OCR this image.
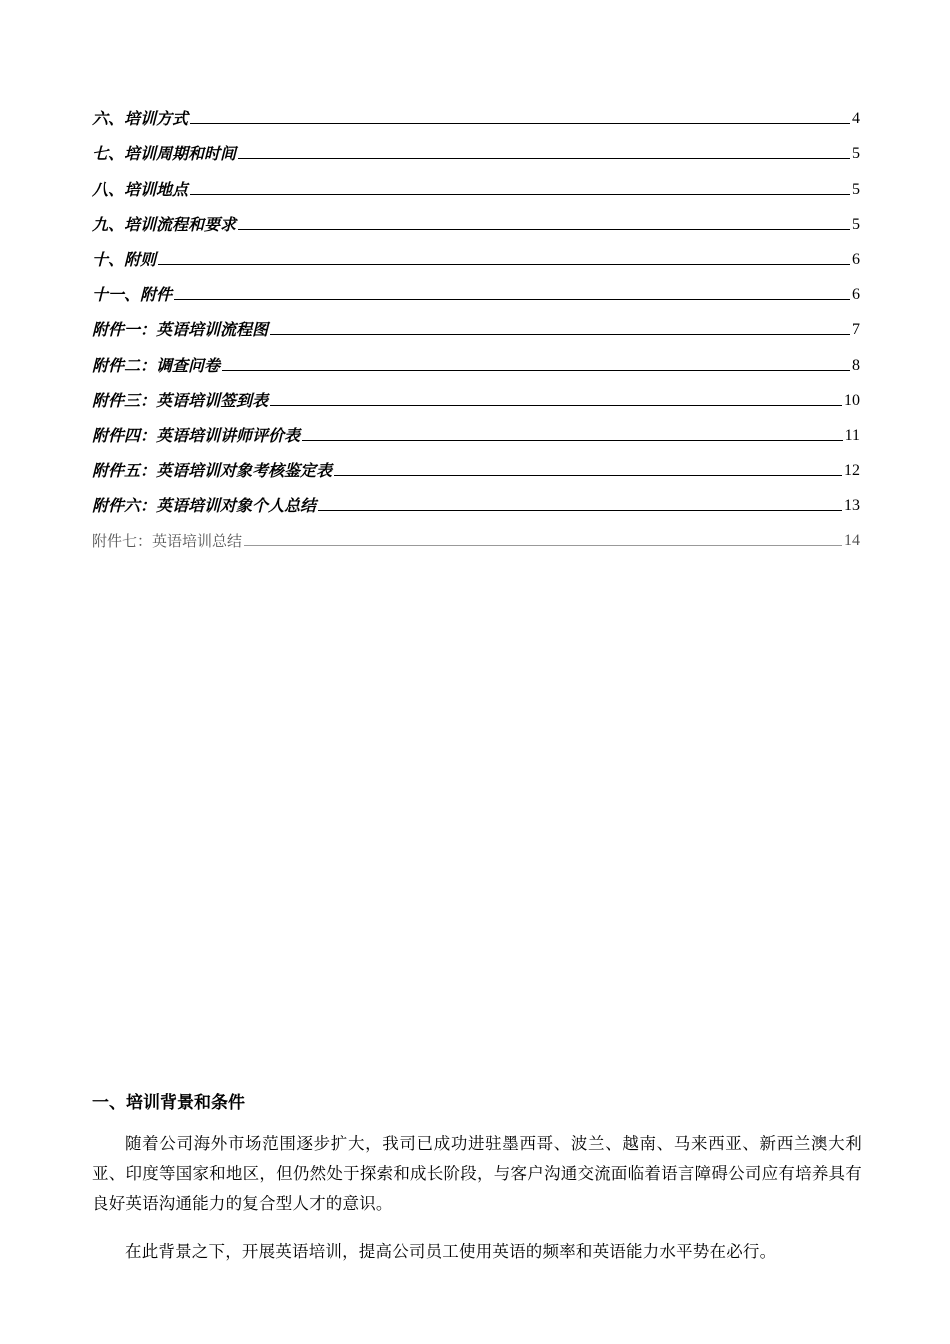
六、培训方式	4
七、培训周期和时间	5
八、培训地点	5
九、培训流程和要求	5
十、附则	6
十一、附件	6
附件一：英语培训流程图	7
附件二：调查问卷	8
附件三：英语培训签到表	10
附件四：英语培训讲师评价表	11
附件五：英语培训对象考核鉴定表	12
附件六：英语培训对象个人总结	13
附件七：英语培训总结	14
一、培训背景和条件

随着公司海外市场范围逐步扩大，我司已成功进驻墨西哥、波兰、越南、马来西亚、新西兰澳大利亚、印度等国家和地区，但仍然处于探索和成长阶段，与客户沟通交流面临着语言障碍公司应有培养具有良好英语沟通能力的复合型人才的意识。

在此背景之下，开展英语培训，提高公司员工使用英语的频率和英语能力水平势在必行。
